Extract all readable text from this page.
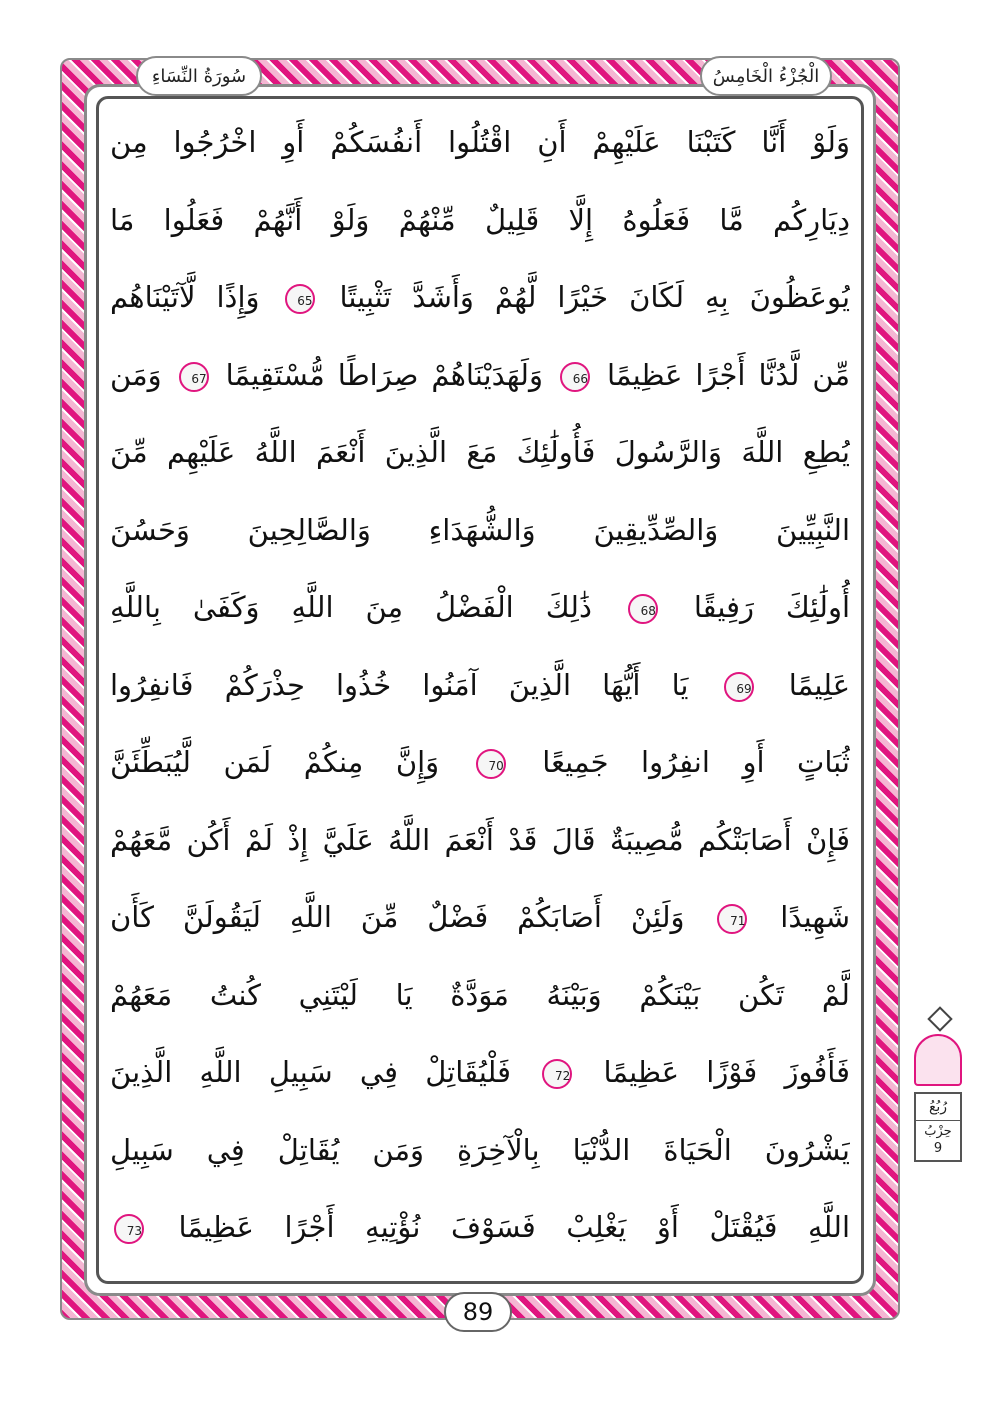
سُورَةُ النِّسَاءِ	الْجُزْءُ الْخَامِسُ
وَلَوْ أَنَّا كَتَبْنَا عَلَيْهِمْ أَنِ اقْتُلُوا أَنفُسَكُمْ أَوِ اخْرُجُوا مِن
دِيَارِكُم مَّا فَعَلُوهُ إِلَّا قَلِيلٌ مِّنْهُمْ وَلَوْ أَنَّهُمْ فَعَلُوا مَا
يُوعَظُونَ بِهِ لَكَانَ خَيْرًا لَّهُمْ وَأَشَدَّ تَثْبِيتًا 65 وَإِذًا لَّآتَيْنَاهُم
مِّن لَّدُنَّا أَجْرًا عَظِيمًا 66 وَلَهَدَيْنَاهُمْ صِرَاطًا مُّسْتَقِيمًا 67 وَمَن
يُطِعِ اللَّهَ وَالرَّسُولَ فَأُولَٰئِكَ مَعَ الَّذِينَ أَنْعَمَ اللَّهُ عَلَيْهِم مِّنَ
النَّبِيِّينَ وَالصِّدِّيقِينَ وَالشُّهَدَاءِ وَالصَّالِحِينَ وَحَسُنَ
أُولَٰئِكَ رَفِيقًا 68 ذَٰلِكَ الْفَضْلُ مِنَ اللَّهِ وَكَفَىٰ بِاللَّهِ
عَلِيمًا 69 يَا أَيُّهَا الَّذِينَ آمَنُوا خُذُوا حِذْرَكُمْ فَانفِرُوا
ثُبَاتٍ أَوِ انفِرُوا جَمِيعًا 70 وَإِنَّ مِنكُمْ لَمَن لَّيُبَطِّئَنَّ
فَإِنْ أَصَابَتْكُم مُّصِيبَةٌ قَالَ قَدْ أَنْعَمَ اللَّهُ عَلَيَّ إِذْ لَمْ أَكُن مَّعَهُمْ
شَهِيدًا 71 وَلَئِنْ أَصَابَكُمْ فَضْلٌ مِّنَ اللَّهِ لَيَقُولَنَّ كَأَن
لَّمْ تَكُن بَيْنَكُمْ وَبَيْنَهُ مَوَدَّةٌ يَا لَيْتَنِي كُنتُ مَعَهُمْ
فَأَفُوزَ فَوْزًا عَظِيمًا 72 فَلْيُقَاتِلْ فِي سَبِيلِ اللَّهِ الَّذِينَ
يَشْرُونَ الْحَيَاةَ الدُّنْيَا بِالْآخِرَةِ وَمَن يُقَاتِلْ فِي سَبِيلِ
اللَّهِ فَيُقْتَلْ أَوْ يَغْلِبْ فَسَوْفَ نُؤْتِيهِ أَجْرًا عَظِيمًا 73
89
رُبُعُ
حِزْبُ
9
